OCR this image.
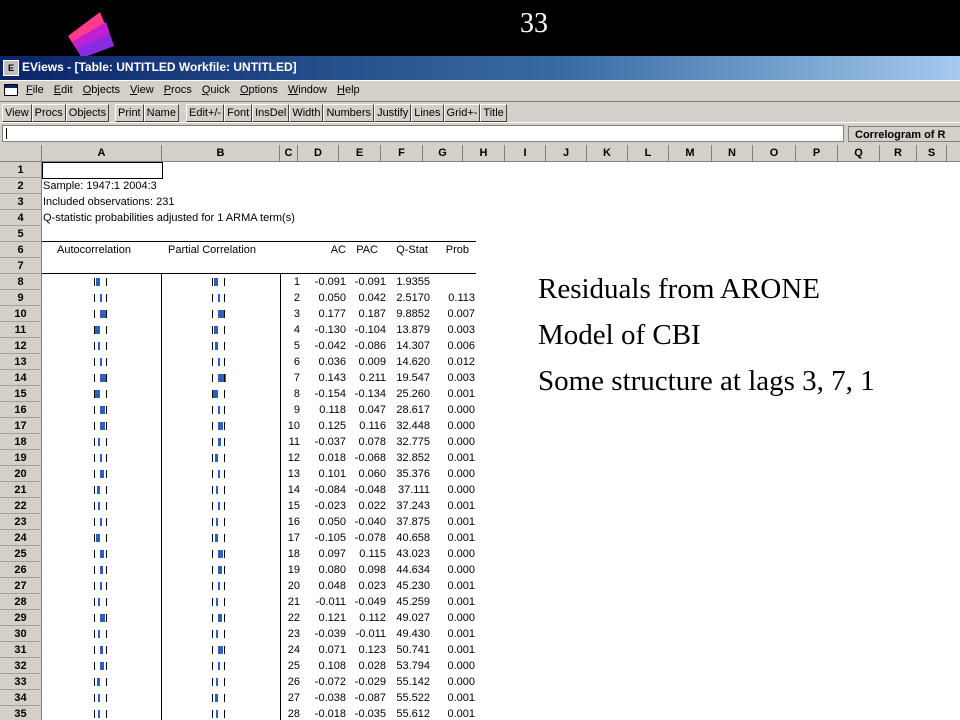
33
E EViews - [Table: UNTITLED Workfile: UNTITLED]
File Edit Objects View Procs Quick Options Window Help
View Procs Objects Print Name Edit+/- Font InsDel Width Numbers Justify Lines Grid+- Title
Correlogram of R
A	B	C	D	E	F	G	H	I	J	K	L	M	N	O	P	Q	R	S
1
2
3
4
5
6
7
8
9
10
11
12
13
14
15
16
17
18
19
20
21
22
23
24
25
26
27
28
29
30
31
32
33
34
35
Sample: 1947:1 2004:3
Included observations: 231
Q-statistic probabilities adjusted for 1 ARMA term(s)
Autocorrelation	Partial Correlation	AC PAC	Q-Stat	Prob
1	-0.091 -0.091 1.9355
2	0.050	0.042 2.5170	0.113
3	0.177	0.187 9.8852	0.007
4	-0.130 -0.104 13.879	0.003
5	-0.042 -0.086 14.307	0.006
6	0.036	0.009 14.620	0.012
7	0.143	0.211 19.547	0.003
8	-0.154 -0.134 25.260	0.001
9	0.118	0.047 28.617	0.000
10	0.125	0.116 32.448	0.000
11	-0.037	0.078 32.775	0.000
12	0.018 -0.068 32.852	0.001
13	0.101	0.060 35.376	0.000
14	-0.084 -0.048	37.111	0.000
15	-0.023	0.022 37.243	0.001
16	0.050 -0.040 37.875	0.001
17	-0.105 -0.078 40.658	0.001
18	0.097	0.115 43.023	0.000
19	0.080	0.098 44.634	0.000
20	0.048	0.023 45.230	0.001
21	-0.011 -0.049 45.259	0.001
22	0.121	0.112 49.027	0.000
23	-0.039 -0.011 49.430	0.001
24	0.071	0.123 50.741	0.001
25	0.108	0.028 53.794	0.000
26	-0.072 -0.029 55.142	0.000
27	-0.038 -0.087 55.522	0.001
28	-0.018 -0.035 55.612	0.001
Residuals from ARONE
Model of CBI
Some structure at lags 3, 7, 1
